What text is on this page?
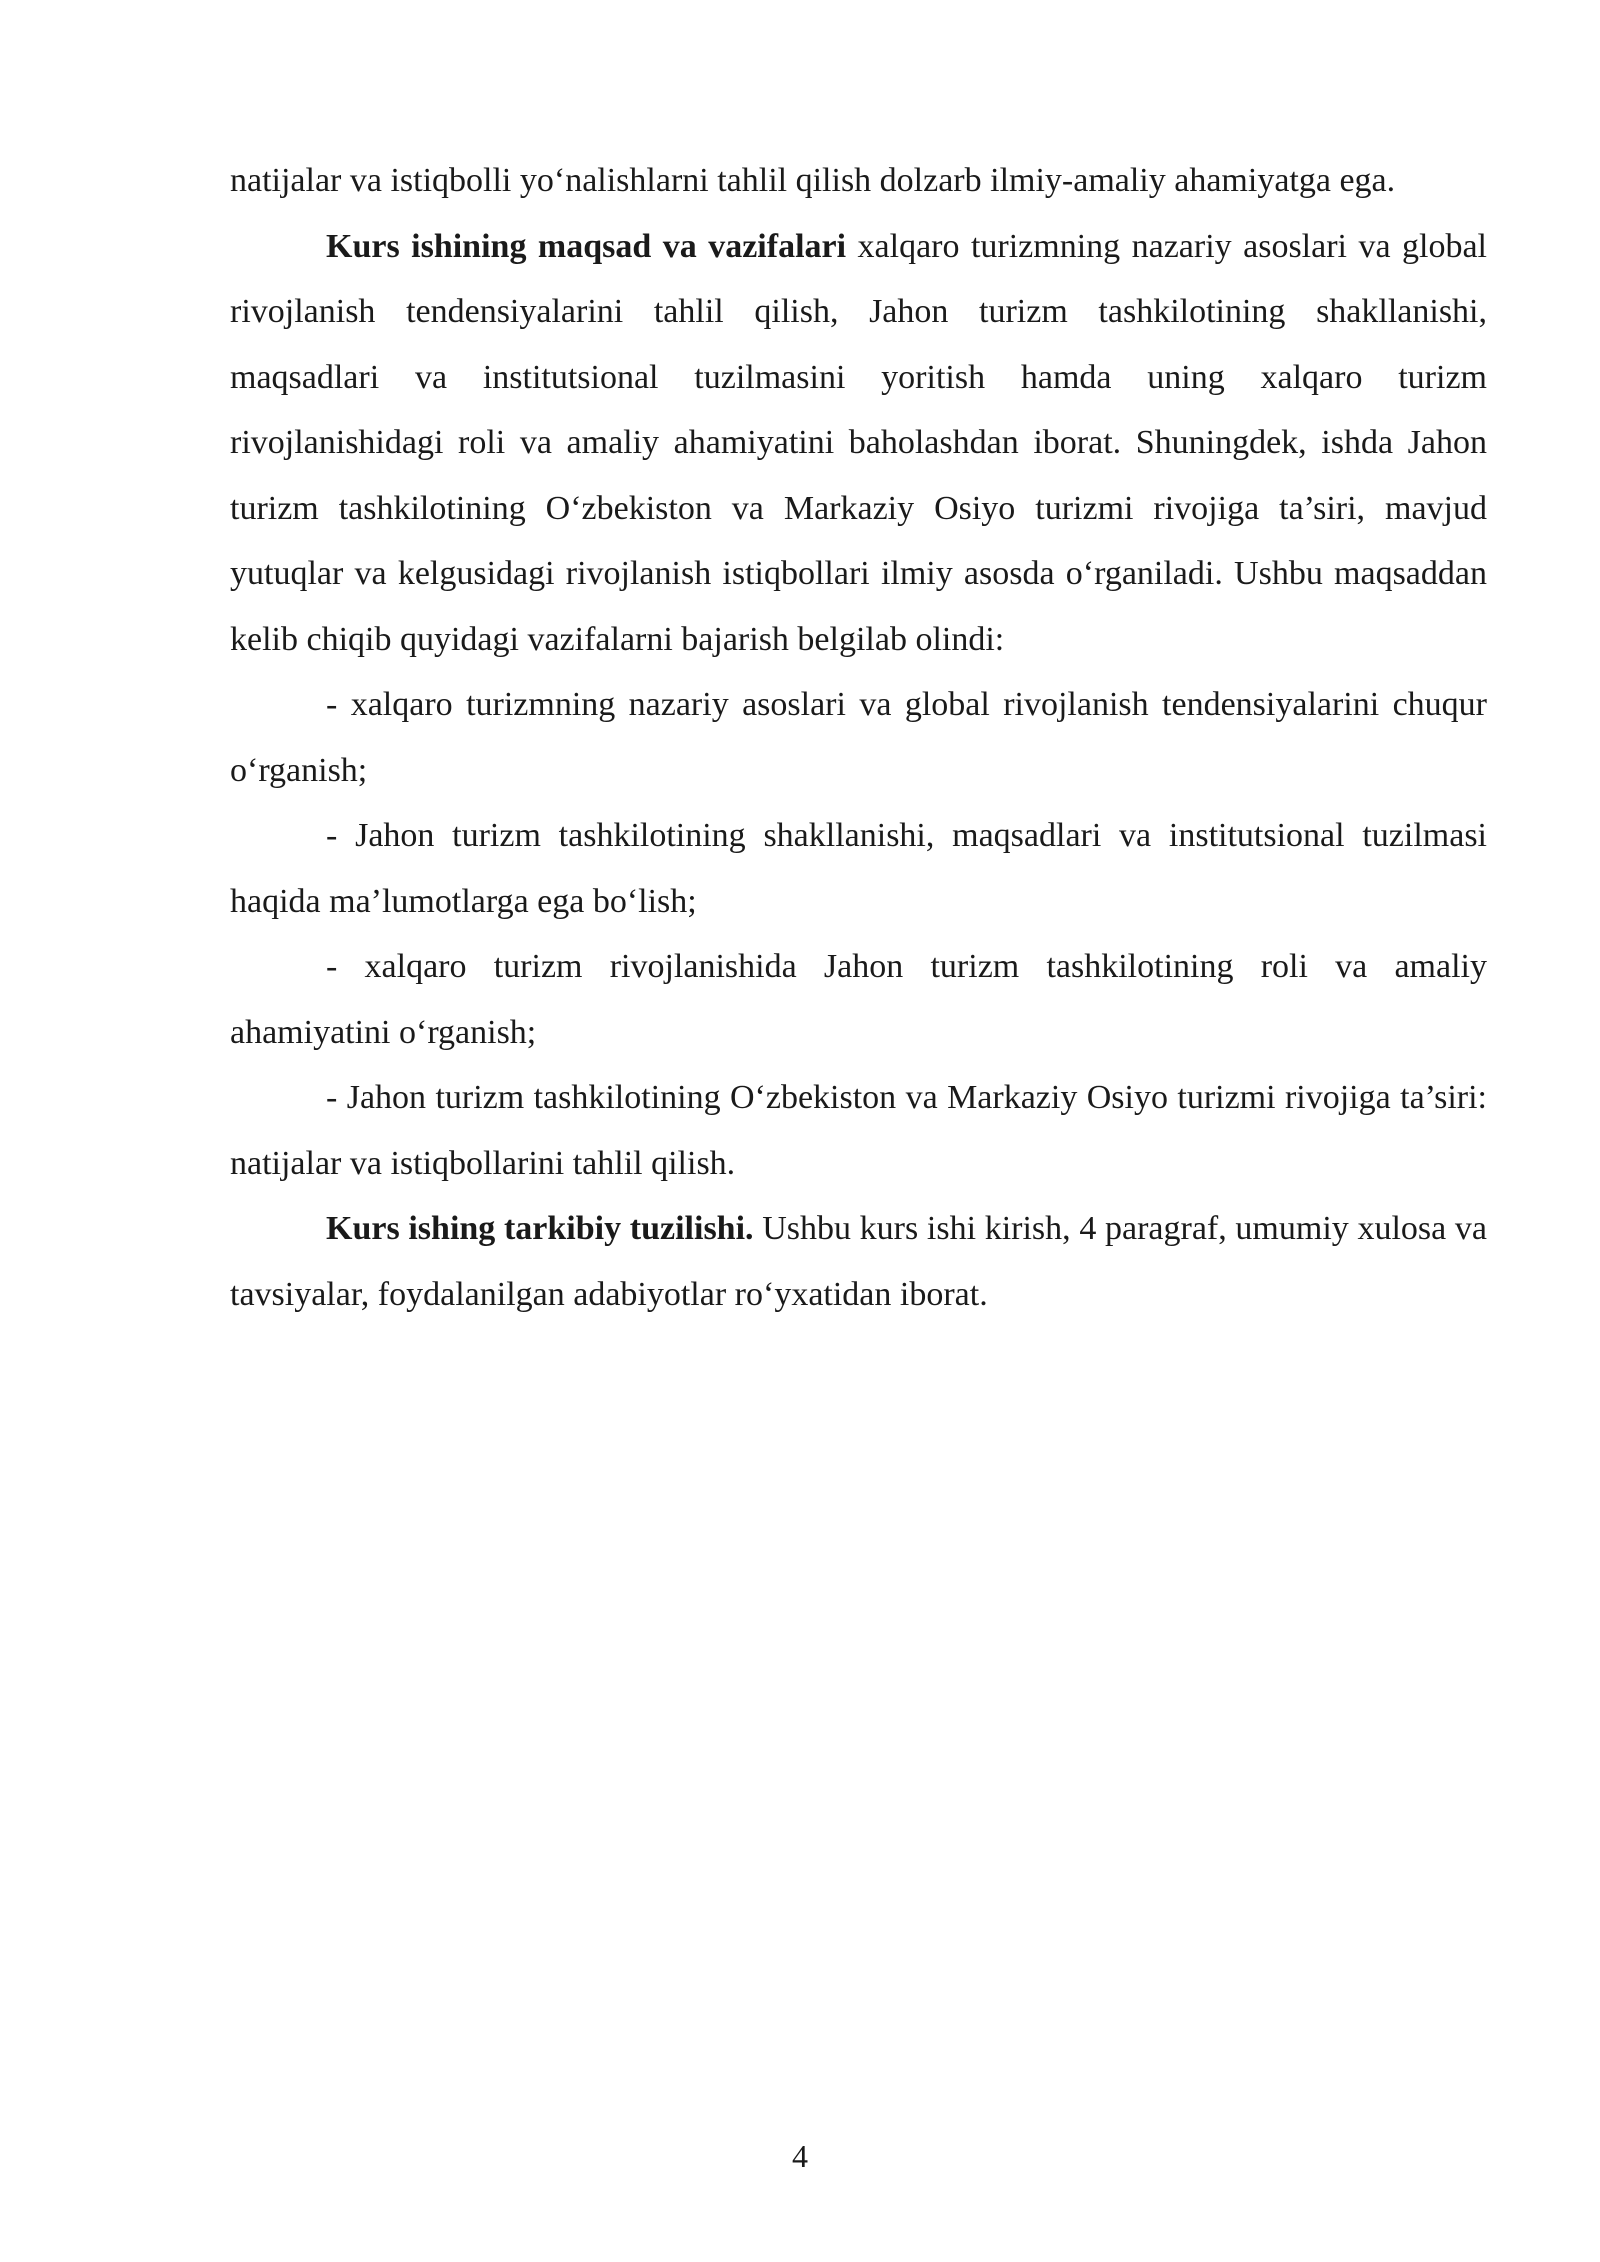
natijalar va istiqbolli yo‘nalishlarni tahlil qilish dolzarb ilmiy-amaliy ahamiyatga ega.

Kurs ishining maqsad va vazifalari xalqaro turizmning nazariy asoslari va global rivojlanish tendensiyalarini tahlil qilish, Jahon turizm tashkilotining shakllanishi, maqsadlari va institutsional tuzilmasini yoritish hamda uning xalqaro turizm rivojlanishidagi roli va amaliy ahamiyatini baholashdan iborat. Shuningdek, ishda Jahon turizm tashkilotining O‘zbekiston va Markaziy Osiyo turizmi rivojiga ta’siri, mavjud yutuqlar va kelgusidagi rivojlanish istiqbollari ilmiy asosda o‘rganiladi. Ushbu maqsaddan kelib chiqib quyidagi vazifalarni bajarish belgilab olindi:

- xalqaro turizmning nazariy asoslari va global rivojlanish tendensiyalarini chuqur o‘rganish;

- Jahon turizm tashkilotining shakllanishi, maqsadlari va institutsional tuzilmasi haqida ma’lumotlarga ega bo‘lish;

- xalqaro turizm rivojlanishida Jahon turizm tashkilotining roli va amaliy ahamiyatini o‘rganish;

- Jahon turizm tashkilotining O‘zbekiston va Markaziy Osiyo turizmi rivojiga ta’siri: natijalar va istiqbollarini tahlil qilish.

Kurs ishing tarkibiy tuzilishi. Ushbu kurs ishi kirish, 4 paragraf, umumiy xulosa va tavsiyalar, foydalanilgan adabiyotlar ro‘yxatidan iborat.

4
